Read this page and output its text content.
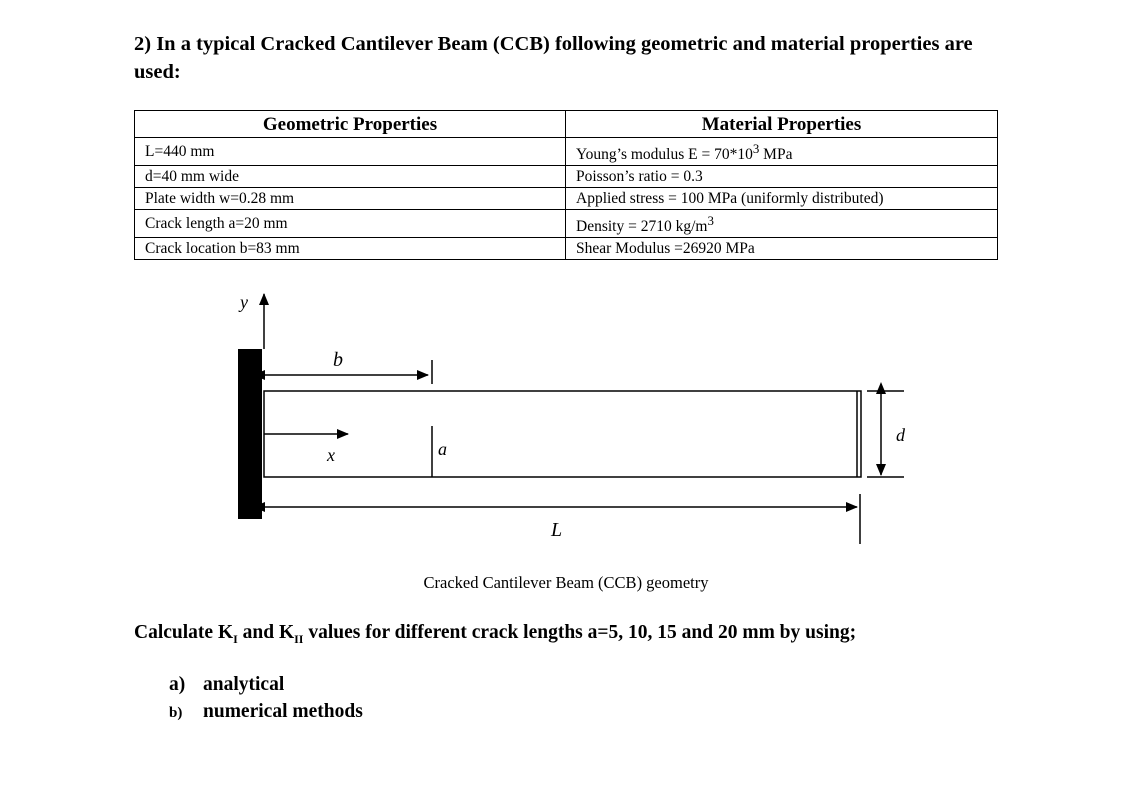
2) In a typical Cracked Cantilever Beam (CCB) following geometric and material properties are used:
Geometric Properties	Material Properties
L=440 mm	Young’s modulus $E = 70*10^3$ MPa
d=40 mm wide	Poisson’s ratio = 0.3
Plate width w=0.28 mm	Applied stress = 100 MPa (uniformly distributed)
Crack length a=20 mm	Density = 2710 $kg/m^3$
Crack location b=83 mm	Shear Modulus =26920 MPa
y
b
x	a
d
L
Cracked Cantilever Beam (CCB) geometry
Calculate $K_I$ and $K_{II}$ values for different crack lengths a=5, 10, 15 and 20 mm by using;
a) analytical
b) numerical methods
